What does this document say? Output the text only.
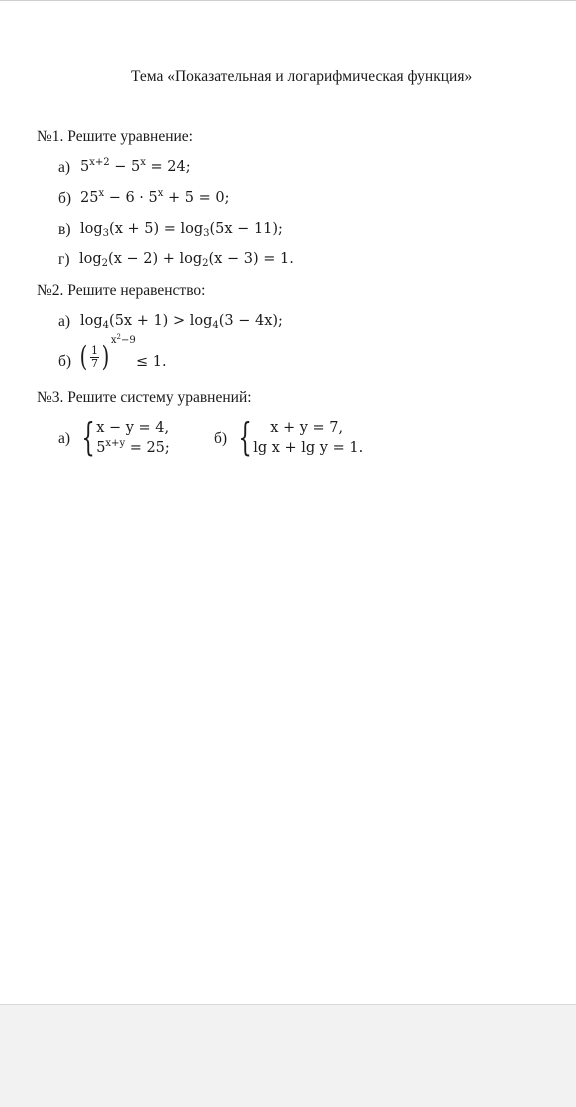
Тема «Показательная и логарифмическая функция»
№1. Решите уравнение:
а) $5^{x+2} - 5^x = 24$;
б) $25^x - 6 \cdot 5^x + 5 = 0$;
в) $\log_3(x + 5) = \log_3(5x - 11)$;
г) $\log_2(x - 2) + \log_2(x - 3) = 1$.
№2. Решите неравенство:
а) $\log_4(5x + 1) > \log_4(3 - 4x)$;
б) ( $\frac{1}{7}$ ) $x^2-9$
≤ 1.
№3. Решите систему уравнений:
а) { x − y = 4,
$5^{x+y} = 25$;
б) {	x + y = 7,
lg x + lg y = 1.
